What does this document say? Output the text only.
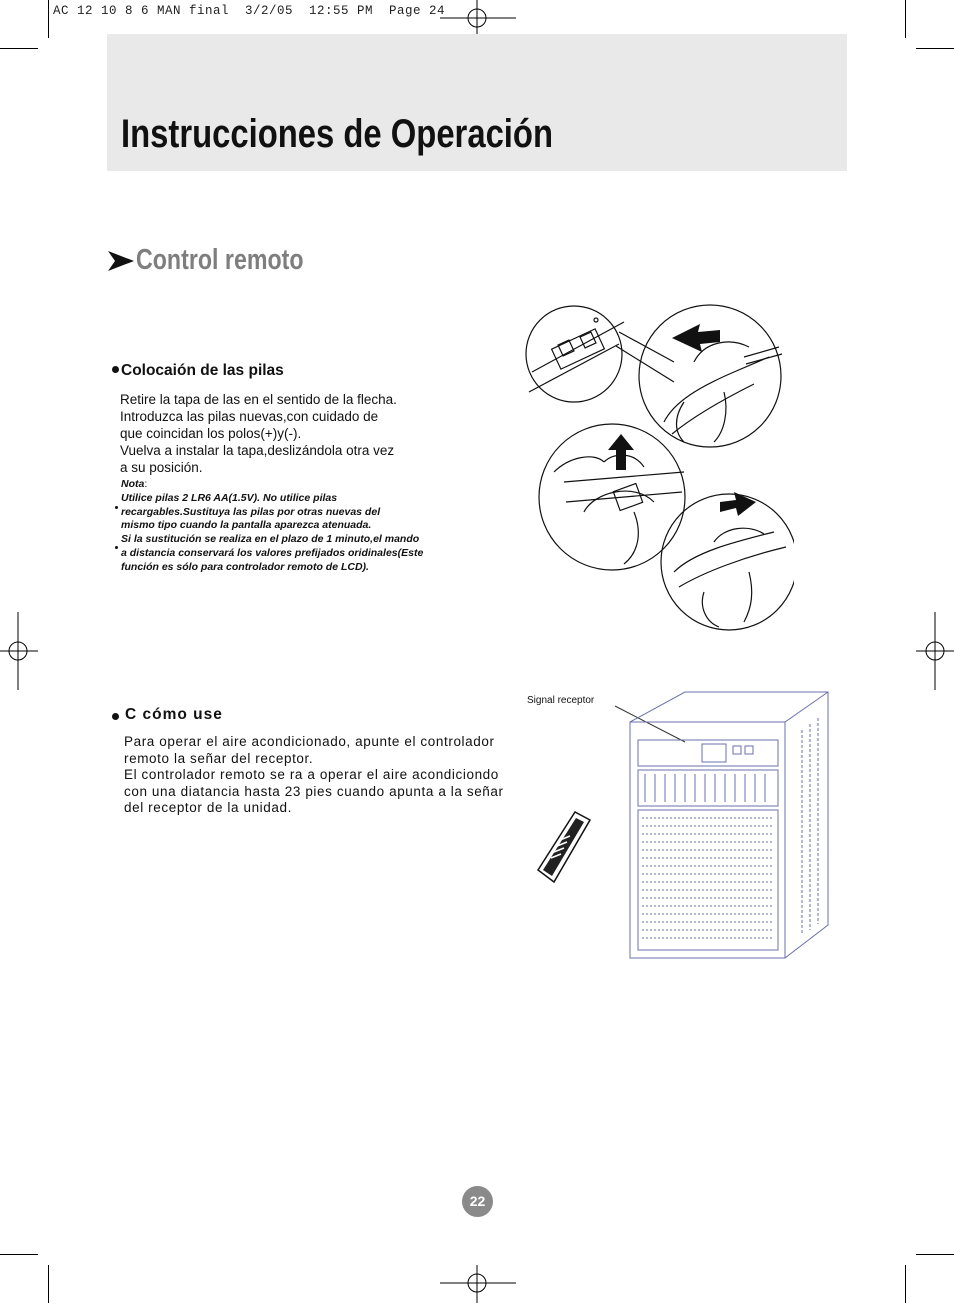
AC 12 10 8 6 MAN final  3/2/05  12:55 PM  Page 24
Instrucciones de Operación
Control remoto
Colocaión de las pilas
Retire la tapa de las en el sentido de la flecha.
Introduzca las pilas nuevas,con cuidado de
que coincidan los polos(+)y(-).
Vuelva a instalar la tapa,deslizándola otra vez
a su posición.
Nota:
Utilice pilas 2 LR6 AA(1.5V). No utilice pilas
recargables.Sustituya las pilas por otras nuevas del
mismo tipo cuando la pantalla aparezca atenuada.
Si la sustitución se realiza en el plazo de 1 minuto,el mando
a distancia conservará los valores prefijados oridinales(Este
función es sólo para controlador remoto de LCD).
C cómo use
Para operar el aire acondicionado, apunte el controlador
remoto la señar del receptor.
El controlador remoto se ra a operar el aire acondiciondo
con una diatancia hasta 23 pies cuando apunta a la señar
del receptor de la unidad.
Signal receptor
22
